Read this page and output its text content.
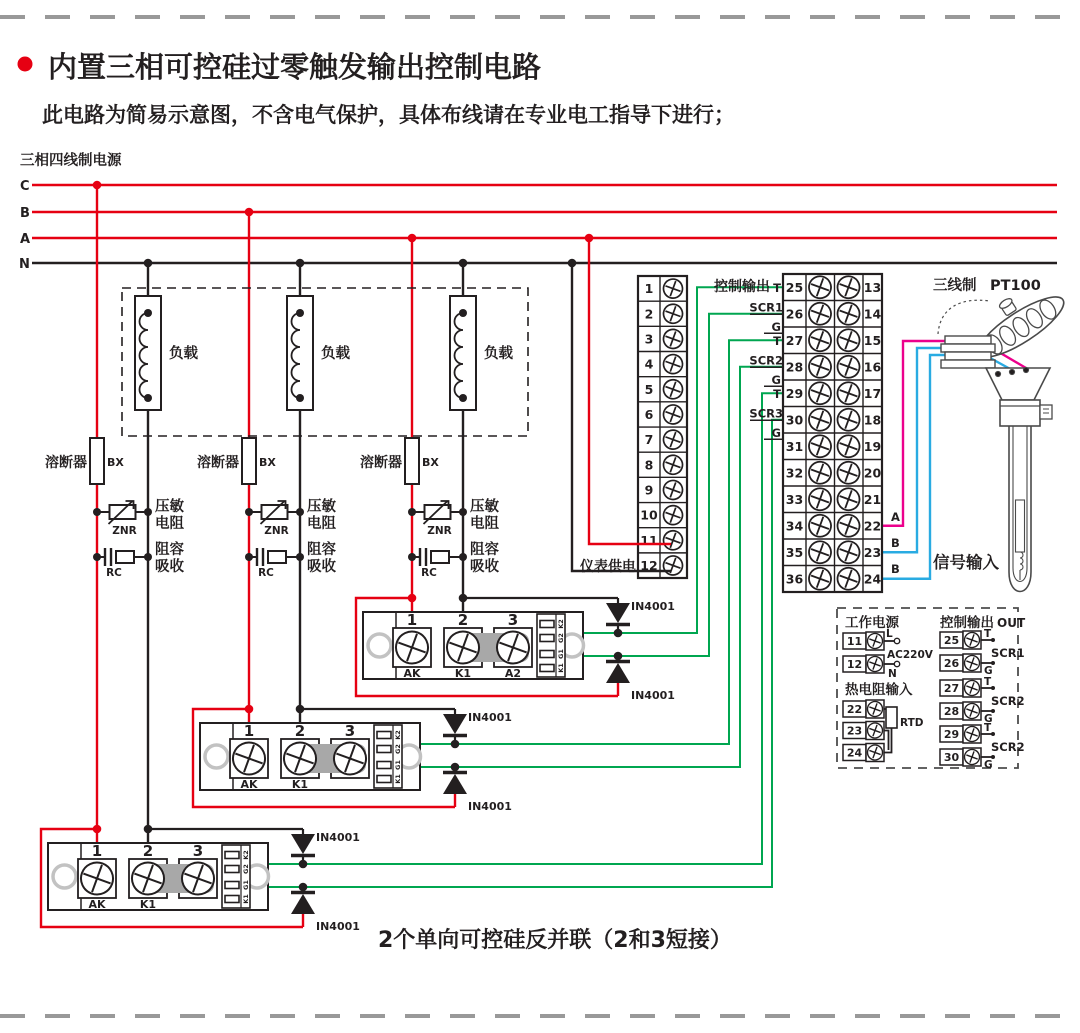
内置三相可控硅过零触发输出控制电路
此电路为简易示意图，不含电气保护，具体布线请在专业电工指导下进行；
三相四线制电源
C
B
A
N
负载
溶断器 BX
ZNR
压敏
电阻
RC
阻容
吸收
负载
溶断器 BX
ZNR
压敏
电阻
RC
阻容
吸收
负载
溶断器 BX
ZNR
压敏
电阻
RC
阻容
吸收
1
2
3
4
5
6
7
8
9
10
11
12
25	13
26	14
27	15
28	16
29	17
30	18
31	19
32	20
33	21
34	22
35	23
36	24
T
SCR1
G
T
SCR2
G
T
SCR3
G
1
AK
2
K1
3
A2
K2
G2
G1
K1
IN4001
IN4001
1
AK
2
K1
3	K2
G2
G1
K1
IN4001
IN4001
1
AK
2
K1
3	K2
G2
G1
K1
IN4001
IN4001
11
12
22
23
24
25 T
26
G
27 T
28
G
29 T
30
G
SCR1
SCR2
SCR2
控制输出
仪表供电
A
B
B
三线制 PT100
信号输入
2个单向可控硅反并联（2和3短接）
工作电源
L
AC220V
N
热电阻输入
RTD
控制输出 OUT
